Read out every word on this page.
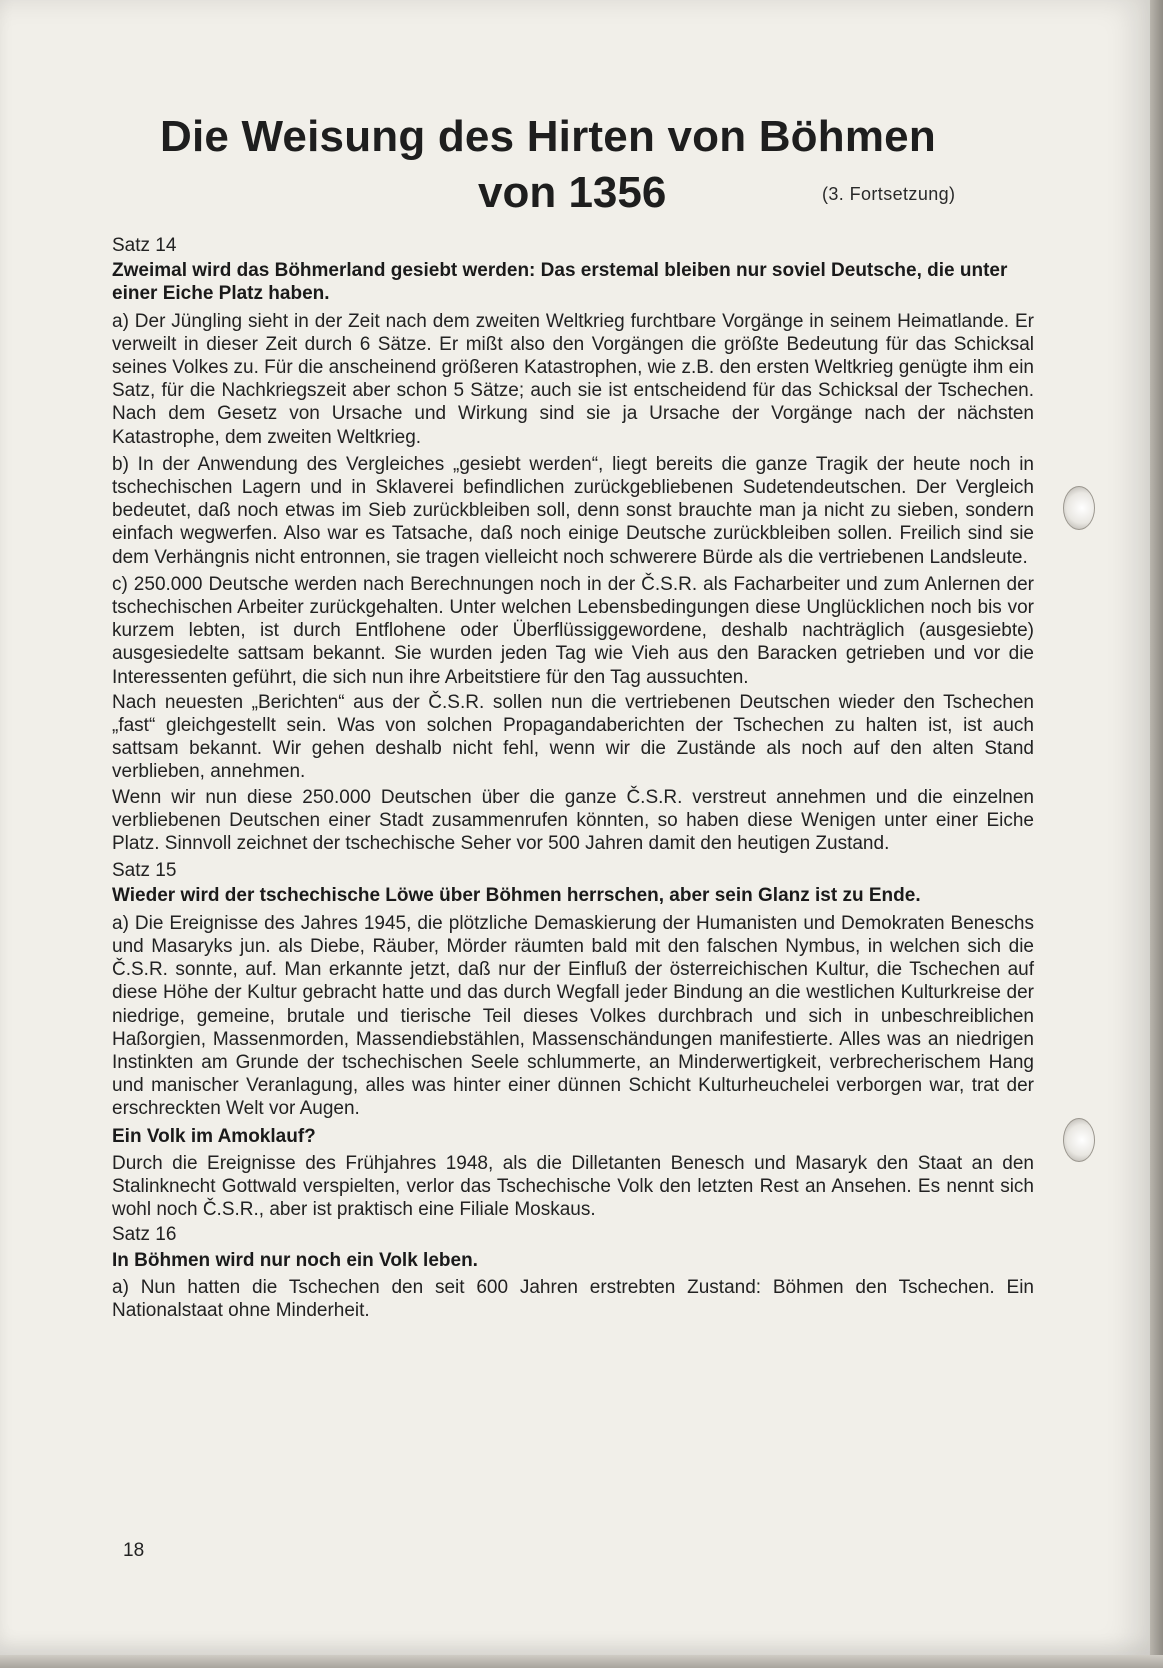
Die Weisung des Hirten von Böhmen
von 1356	(3. Fortsetzung)

Satz 14

Zweimal wird das Böhmerland gesiebt werden: Das erstemal bleiben nur soviel Deutsche, die unter einer Eiche Platz haben.

a) Der Jüngling sieht in der Zeit nach dem zweiten Weltkrieg furchtbare Vorgänge in seinem Heimatlande. Er verweilt in dieser Zeit durch 6 Sätze. Er mißt also den Vorgängen die größte Bedeutung für das Schicksal seines Volkes zu. Für die anscheinend größeren Katastrophen, wie z.B. den ersten Weltkrieg genügte ihm ein Satz, für die Nachkriegszeit aber schon 5 Sätze; auch sie ist entscheidend für das Schicksal der Tschechen. Nach dem Gesetz von Ursache und Wirkung sind sie ja Ursache der Vorgänge nach der nächsten Katastrophe, dem zweiten Weltkrieg.

b) In der Anwendung des Vergleiches „gesiebt werden“, liegt bereits die ganze Tragik der heute noch in tschechischen Lagern und in Sklaverei befindlichen zurückgebliebenen Sudetendeutschen. Der Vergleich bedeutet, daß noch etwas im Sieb zurückbleiben soll, denn sonst brauchte man ja nicht zu sieben, sondern einfach wegwerfen. Also war es Tatsache, daß noch einige Deutsche zurückbleiben sollen. Freilich sind sie dem Verhängnis nicht entronnen, sie tragen vielleicht noch schwerere Bürde als die vertriebenen Landsleute.

c) 250.000 Deutsche werden nach Berechnungen noch in der Č.S.R. als Facharbeiter und zum Anlernen der tschechischen Arbeiter zurückgehalten. Unter welchen Lebensbedingungen diese Unglücklichen noch bis vor kurzem lebten, ist durch Entflohene oder Überflüssiggewordene, deshalb nachträglich (ausgesiebte) ausgesiedelte sattsam bekannt. Sie wurden jeden Tag wie Vieh aus den Baracken getrieben und vor die Interessenten geführt, die sich nun ihre Arbeitstiere für den Tag aussuchten.

Nach neuesten „Berichten“ aus der Č.S.R. sollen nun die vertriebenen Deutschen wieder den Tschechen „fast“ gleichgestellt sein. Was von solchen Propagandaberichten der Tschechen zu halten ist, ist auch sattsam bekannt. Wir gehen deshalb nicht fehl, wenn wir die Zustände als noch auf den alten Stand verblieben, annehmen.

Wenn wir nun diese 250.000 Deutschen über die ganze Č.S.R. verstreut annehmen und die einzelnen verbliebenen Deutschen einer Stadt zusammenrufen könnten, so haben diese Wenigen unter einer Eiche Platz. Sinnvoll zeichnet der tschechische Seher vor 500 Jahren damit den heutigen Zustand.

Satz 15

Wieder wird der tschechische Löwe über Böhmen herrschen, aber sein Glanz ist zu Ende.

a) Die Ereignisse des Jahres 1945, die plötzliche Demaskierung der Humanisten und Demokraten Beneschs und Masaryks jun. als Diebe, Räuber, Mörder räumten bald mit den falschen Nymbus, in welchen sich die Č.S.R. sonnte, auf. Man erkannte jetzt, daß nur der Einfluß der österreichischen Kultur, die Tschechen auf diese Höhe der Kultur gebracht hatte und das durch Wegfall jeder Bindung an die westlichen Kulturkreise der niedrige, gemeine, brutale und tierische Teil dieses Volkes durchbrach und sich in unbeschreiblichen Haßorgien, Massenmorden, Massendiebstählen, Massenschändungen manifestierte. Alles was an niedrigen Instinkten am Grunde der tschechischen Seele schlummerte, an Minderwertigkeit, verbrecherischem Hang und manischer Veranlagung, alles was hinter einer dünnen Schicht Kulturheuchelei verborgen war, trat der erschreckten Welt vor Augen.

Ein Volk im Amoklauf?

Durch die Ereignisse des Frühjahres 1948, als die Dilletanten Benesch und Masaryk den Staat an den Stalinknecht Gottwald verspielten, verlor das Tschechische Volk den letzten Rest an Ansehen. Es nennt sich wohl noch Č.S.R., aber ist praktisch eine Filiale Moskaus.

Satz 16

In Böhmen wird nur noch ein Volk leben.

a) Nun hatten die Tschechen den seit 600 Jahren erstrebten Zustand: Böhmen den Tschechen. Ein Nationalstaat ohne Minderheit.

18
